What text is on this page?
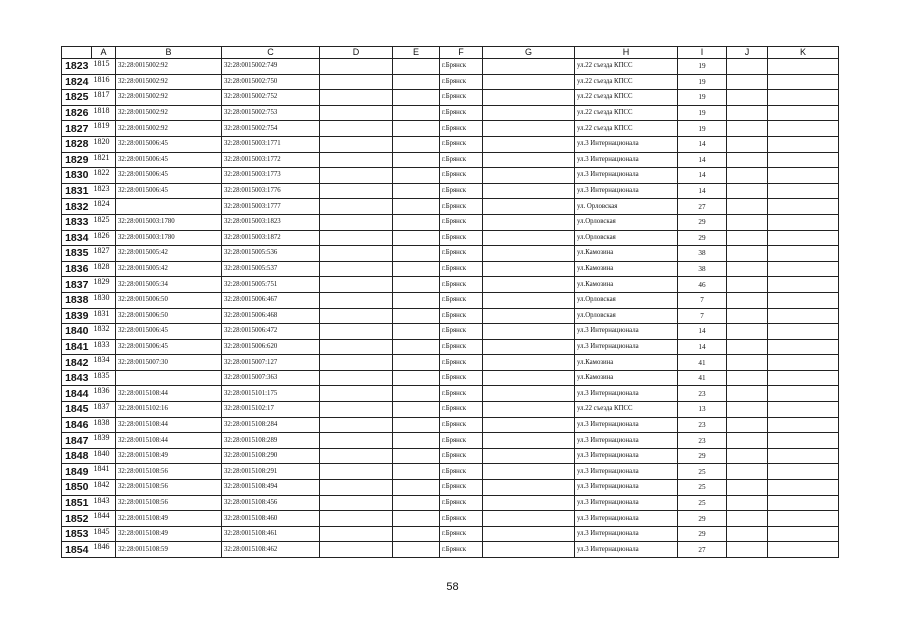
	A	B	C	D	E	F	G	H	I	J	K	
1823	1815	32:28:0015002:92	32:28:0015002:749			г.Брянск		ул.22 съезда КПСС	19			
1824	1816	32:28:0015002:92	32:28:0015002:750			г.Брянск		ул.22 съезда КПСС	19			
1825	1817	32:28:0015002:92	32:28:0015002:752			г.Брянск		ул.22 съезда КПСС	19			
1826	1818	32:28:0015002:92	32:28:0015002:753			г.Брянск		ул.22 съезда КПСС	19			
1827	1819	32:28:0015002:92	32:28:0015002:754			г.Брянск		ул.22 съезда КПСС	19			
1828	1820	32:28:0015006:45	32:28:0015003:1771			г.Брянск		ул.3 Интернационала	14			
1829	1821	32:28:0015006:45	32:28:0015003:1772			г.Брянск		ул.3 Интернационала	14			
1830	1822	32:28:0015006:45	32:28:0015003:1773			г.Брянск		ул.3 Интернационала	14			
1831	1823	32:28:0015006:45	32:28:0015003:1776			г.Брянск		ул.3 Интернационала	14			
1832	1824		32:28:0015003:1777			г.Брянск		ул. Орловская	27			
1833	1825	32:28:0015003:1780	32:28:0015003:1823			г.Брянск		ул.Орловская	29			
1834	1826	32:28:0015003:1780	32:28:0015003:1872			г.Брянск		ул.Орловская	29			
1835	1827	32:28:0015005:42	32:28:0015005:536			г.Брянск		ул.Камозина	38			
1836	1828	32:28:0015005:42	32:28:0015005:537			г.Брянск		ул.Камозина	38			
1837	1829	32:28:0015005:34	32:28:0015005:751			г.Брянск		ул.Камозина	46			
1838	1830	32:28:0015006:50	32:28:0015006:467			г.Брянск		ул.Орловская	7			
1839	1831	32:28:0015006:50	32:28:0015006:468			г.Брянск		ул.Орловская	7			
1840	1832	32:28:0015006:45	32:28:0015006:472			г.Брянск		ул.3 Интернационала	14			
1841	1833	32:28:0015006:45	32:28:0015006:620			г.Брянск		ул.3 Интернационала	14			
1842	1834	32:28:0015007:30	32:28:0015007:127			г.Брянск		ул.Камозина	41			
1843	1835		32:28:0015007:363			г.Брянск		ул.Камозина	41			
1844	1836	32:28:0015108:44	32:28:0015101:175			г.Брянск		ул.3 Интернационала	23			
1845	1837	32:28:0015102:16	32:28:0015102:17			г.Брянск		ул.22 съезда КПСС	13			
1846	1838	32:28:0015108:44	32:28:0015108:284			г.Брянск		ул.3 Интернационала	23			
1847	1839	32:28:0015108:44	32:28:0015108:289			г.Брянск		ул.3 Интернационала	23			
1848	1840	32:28:0015108:49	32:28:0015108:290			г.Брянск		ул.3 Интернационала	29			
1849	1841	32:28:0015108:56	32:28:0015108:291			г.Брянск		ул.3 Интернационала	25			
1850	1842	32:28:0015108:56	32:28:0015108:494			г.Брянск		ул.3 Интернационала	25			
1851	1843	32:28:0015108:56	32:28:0015108:456			г.Брянск		ул.3 Интернационала	25			
1852	1844	32:28:0015108:49	32:28:0015108:460			г.Брянск		ул.3 Интернационала	29			
1853	1845	32:28:0015108:49	32:28:0015108:461			г.Брянск		ул.3 Интернационала	29			
1854	1846	32:28:0015108:59	32:28:0015108:462			г.Брянск		ул.3 Интернационала	27			
58
